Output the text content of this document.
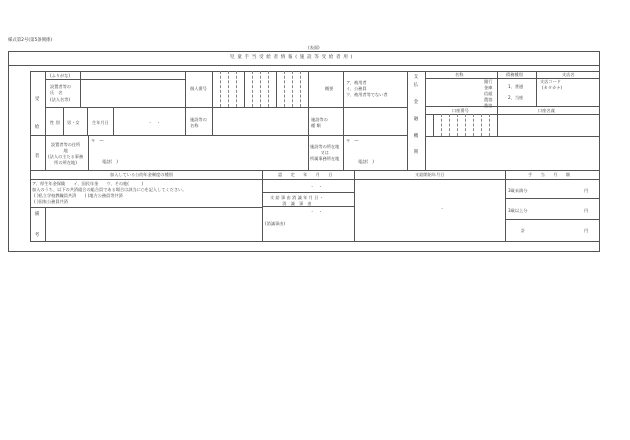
様式第2号(第5条関係)
(表面)
児 童 手 当 受 給 者 情 報 ( 施 設 等 受 給 者 用 )
受

給

者
(ふりがな)
設置者等の
氏　名
(法人名等)
個人番号	概要
ア、被用者
イ、公務員
ウ、被用者等でない者
性 別 男・女	生年月日	・　・
施設等の
名称
施設等の
種 類
設置者等の住所
地
(法人の主たる事務
所の所在地)
〒　―
電話(　)
施設等の所在地
又は
所属事務所在地
〒　―
電話(　)
支
払

金

融

機

関
名称	債務種別	支店名
銀行
金庫
信組
農協
漁協
1、普通
2、当座
支店コード
(カタカナ)
口座番号	口座名義
加入している公的年金制度の種別
ア、厚生年金保険　　イ、国民年金　　ウ、その他(　　　)
加入のうち、以下の共済組合の組合員である場合は該当に○を記入してください。
( )私立学校教職員共済　　( )地方公務員等共済
( )国家公務員共済
備

考
認　　定　　年　　月　　日
・　・
支 給 事 由 消 滅 年 月 日 ・
消　滅　事　由
・　・
(消滅事由)
支給開始年月日
・
手　　当　　月　　額
3歳未満分	円
3歳以上分	円
計	円
